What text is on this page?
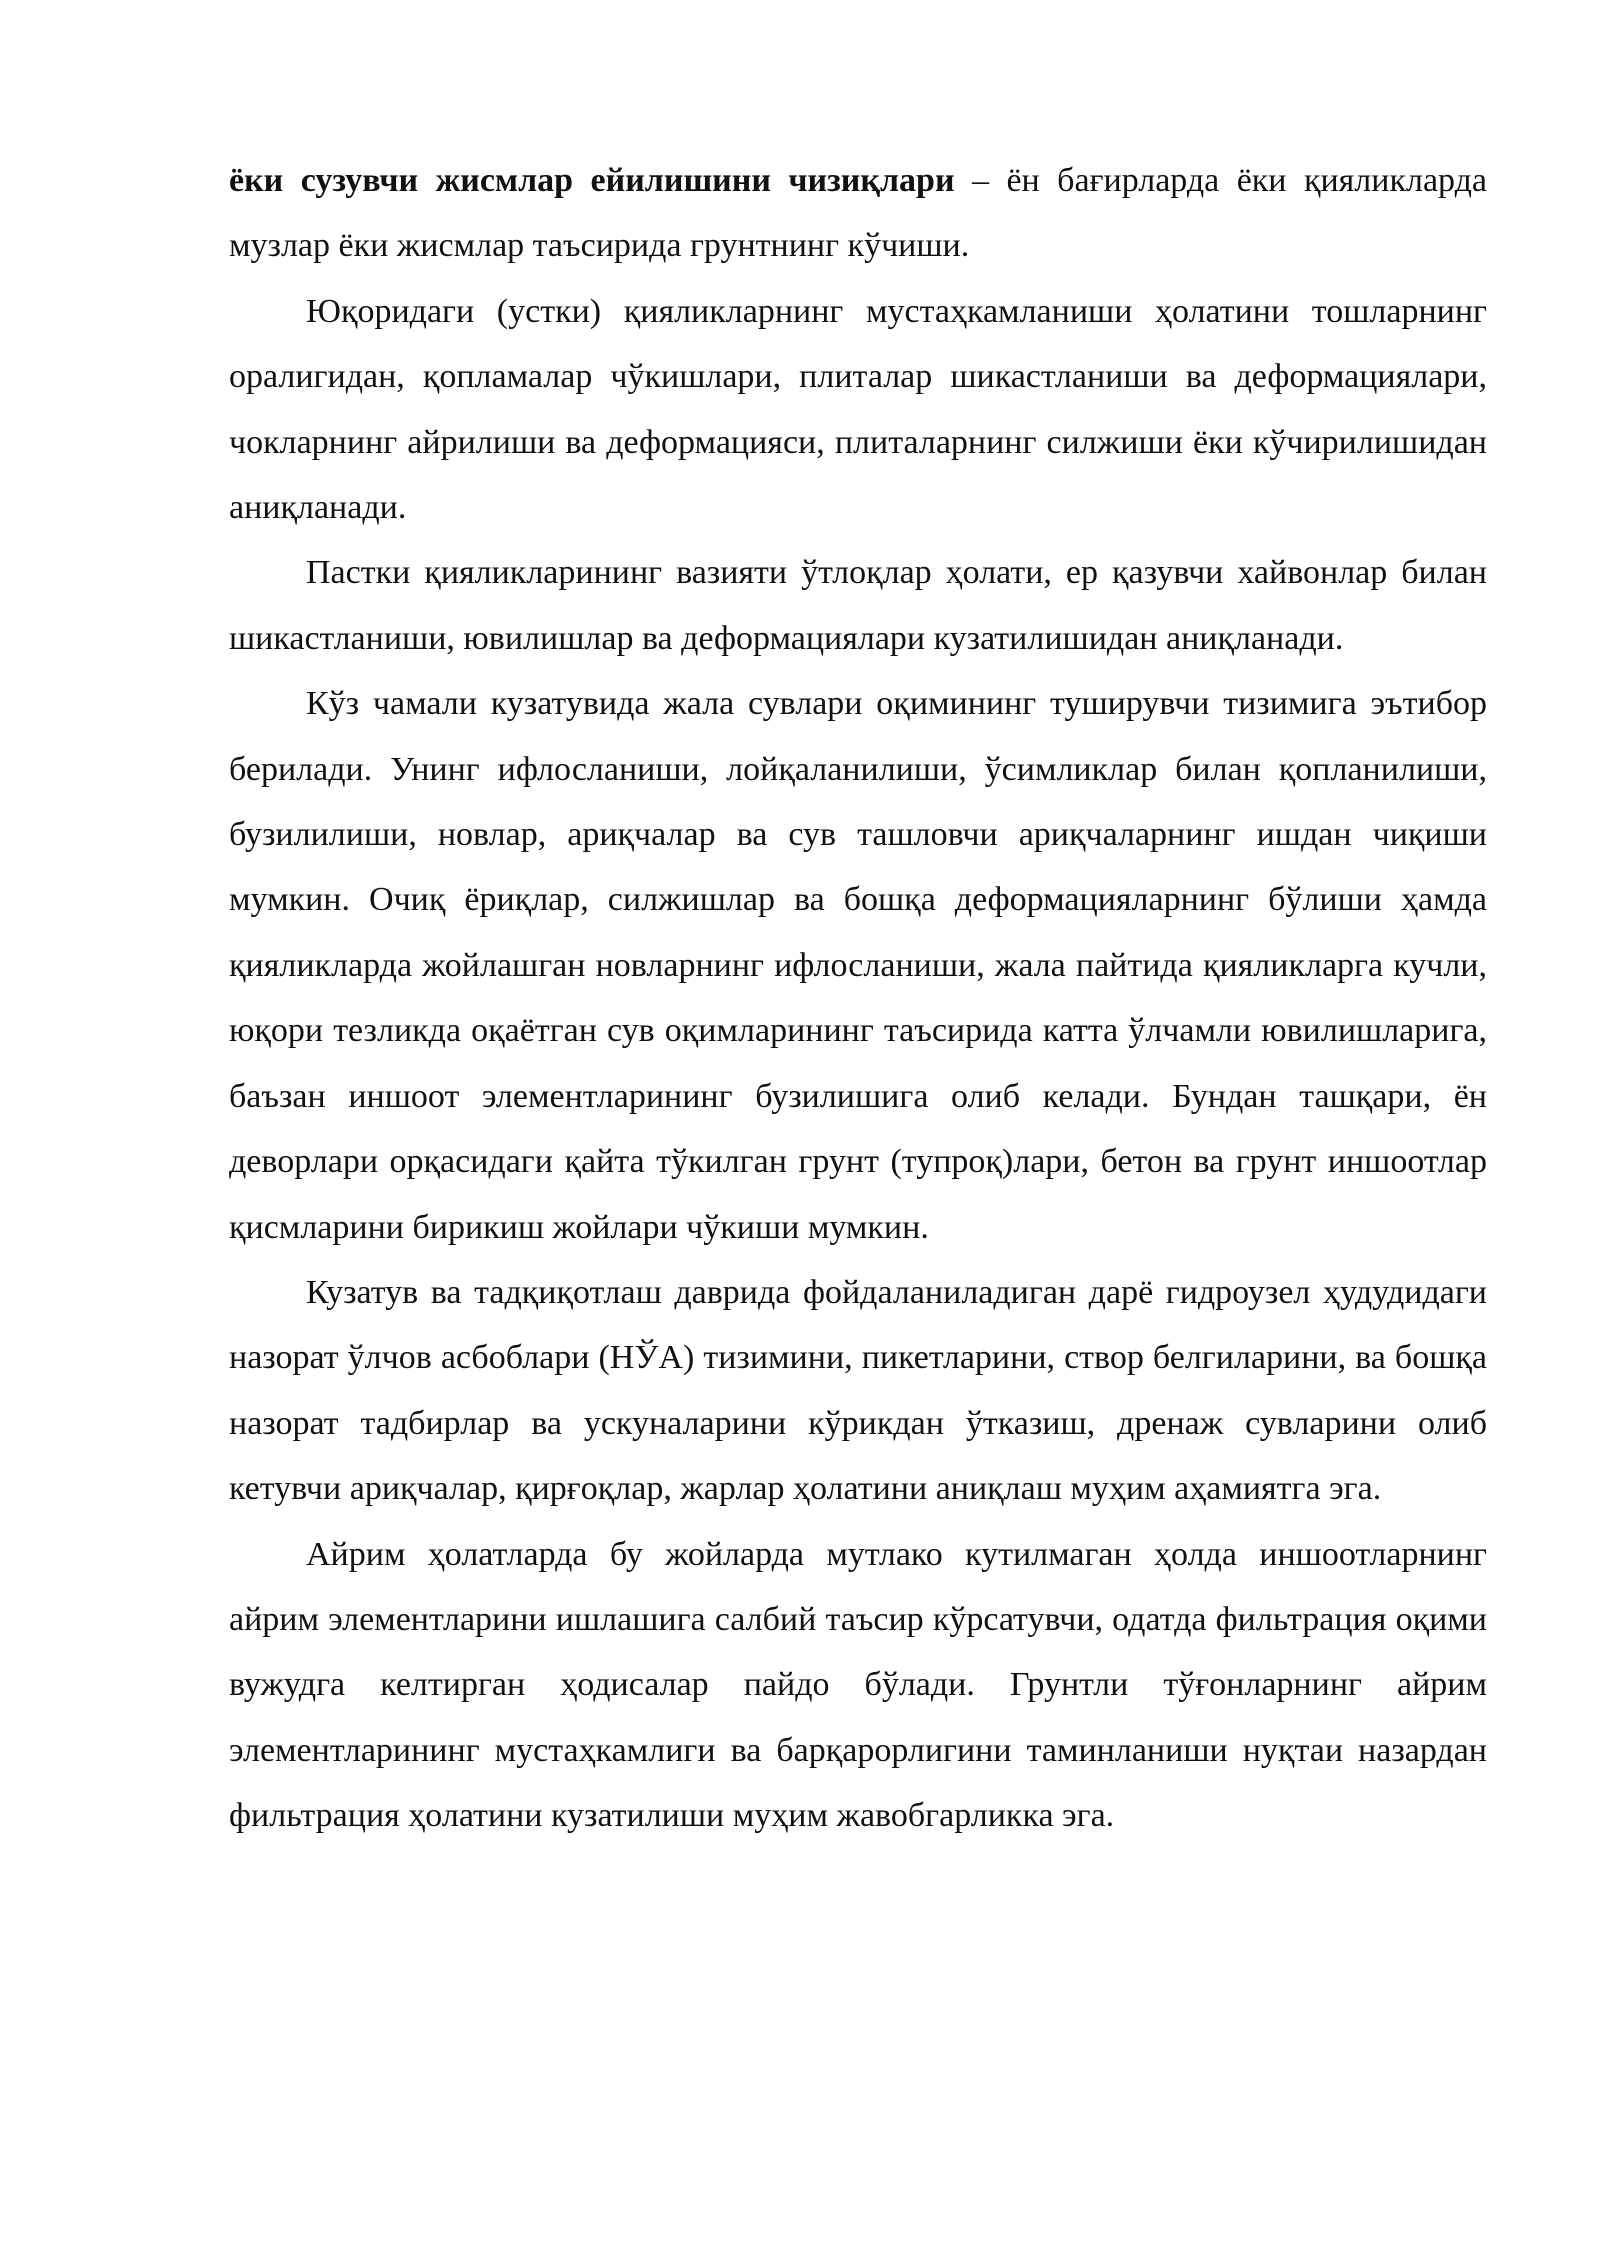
ёки сузувчи жисмлар ейилишини чизиқлари – ён бағирларда ёки қияликларда музлар ёки жисмлар таъсирида грунтнинг кўчиши.

Юқоридаги (устки) қияликларнинг мустаҳкамланиши ҳолатини тошларнинг оралигидан, қопламалар чўкишлари, плиталар шикастланиши ва деформациялари, чокларнинг айрилиши ва деформацияси, плиталарнинг силжиши ёки кўчирилишидан аниқланади.

Пастки қияликларининг вазияти ўтлоқлар ҳолати, ер қазувчи хайвонлар билан шикастланиши, ювилишлар ва деформациялари кузатилишидан аниқланади.

Кўз чамали кузатувида жала сувлари оқимининг туширувчи тизимига эътибор берилади. Унинг ифлосланиши, лойқаланилиши, ўсимликлар билан қопланилиши, бузилилиши, новлар, ариқчалар ва сув ташловчи ариқчаларнинг ишдан чиқиши мумкин. Очиқ ёриқлар, силжишлар ва бошқа деформацияларнинг бўлиши ҳамда қияликларда жойлашган новларнинг ифлосланиши, жала пайтида қияликларга кучли, юқори тезликда оқаётган сув оқимларининг таъсирида катта ўлчамли ювилишларига, баъзан иншоот элементларининг бузилишига олиб келади. Бундан ташқари, ён деворлари орқасидаги қайта тўкилган грунт (тупроқ)лари, бетон ва грунт иншоотлар қисмларини бирикиш жойлари чўкиши мумкин.

Кузатув ва тадқиқотлаш даврида фойдаланиладиган дарё гидроузел ҳудудидаги назорат ўлчов асбоблари (НЎА) тизимини, пикетларини, створ белгиларини, ва бошқа назорат тадбирлар ва ускуналарини кўрикдан ўтказиш, дренаж сувларини олиб кетувчи ариқчалар, қирғоқлар, жарлар ҳолатини аниқлаш муҳим аҳамиятга эга.

Айрим ҳолатларда бу жойларда мутлако кутилмаган ҳолда иншоотларнинг айрим элементларини ишлашига салбий таъсир кўрсатувчи, одатда фильтрация оқими вужудга келтирган ҳодисалар пайдо бўлади. Грунтли тўғонларнинг айрим элементларининг мустаҳкамлиги ва барқарорлигини таминланиши нуқтаи назардан фильтрация ҳолатини кузатилиши муҳим жавобгарликка эга.
